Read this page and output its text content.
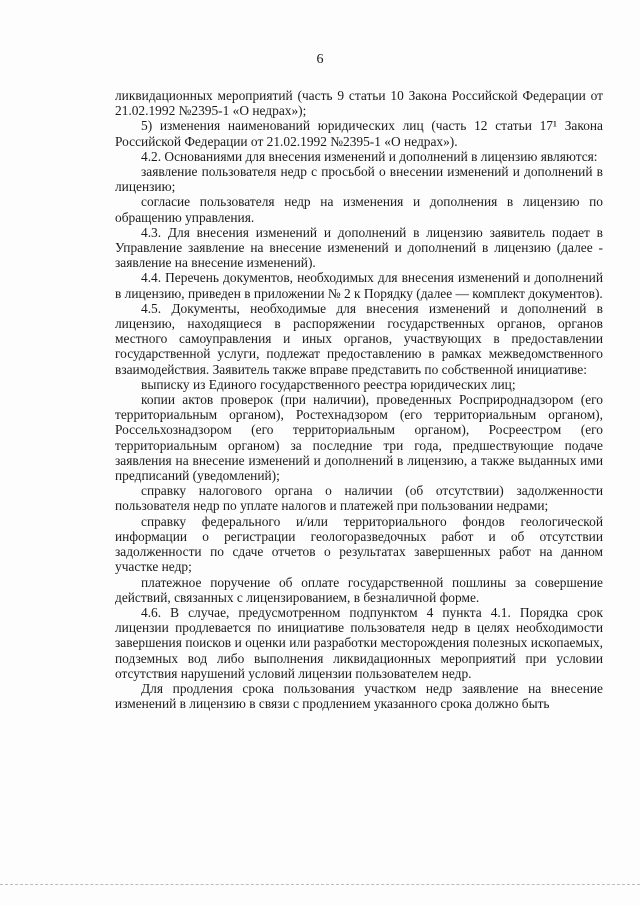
6

ликвидационных мероприятий (часть 9 статьи 10 Закона Российской Федерации от 21.02.1992 №2395-1 «О недрах»);

5) изменения наименований юридических лиц (часть 12 статьи 17¹ Закона Российской Федерации от 21.02.1992 №2395-1 «О недрах»).

4.2. Основаниями для внесения изменений и дополнений в лицензию являются:

заявление пользователя недр с просьбой о внесении изменений и дополнений в лицензию;

согласие пользователя недр на изменения и дополнения в лицензию по обращению управления.

4.3. Для внесения изменений и дополнений в лицензию заявитель подает в Управление заявление на внесение изменений и дополнений в лицензию (далее - заявление на внесение изменений).

4.4. Перечень документов, необходимых для внесения изменений и дополнений в лицензию, приведен в приложении № 2 к Порядку (далее — комплект документов).

4.5. Документы, необходимые для внесения изменений и дополнений в лицензию, находящиеся в распоряжении государственных органов, органов местного самоуправления и иных органов, участвующих в предоставлении государственной услуги, подлежат предоставлению в рамках межведомственного взаимодействия. Заявитель также вправе представить по собственной инициативе:

выписку из Единого государственного реестра юридических лиц;

копии актов проверок (при наличии), проведенных Росприроднадзором (его территориальным органом), Ростехнадзором (его территориальным органом), Россельхознадзором (его территориальным органом), Росреестром (его территориальным органом) за последние три года, предшествующие подаче заявления на внесение изменений и дополнений в лицензию, а также выданных ими предписаний (уведомлений);

справку налогового органа о наличии (об отсутствии) задолженности пользователя недр по уплате налогов и платежей при пользовании недрами;

справку федерального и/или территориального фондов геологической информации о регистрации геологоразведочных работ и об отсутствии задолженности по сдаче отчетов о результатах завершенных работ на данном участке недр;

платежное поручение об оплате государственной пошлины за совершение действий, связанных с лицензированием, в безналичной форме.

4.6. В случае, предусмотренном подпунктом 4 пункта 4.1. Порядка срок лицензии продлевается по инициативе пользователя недр в целях необходимости завершения поисков и оценки или разработки месторождения полезных ископаемых, подземных вод либо выполнения ликвидационных мероприятий при условии отсутствия нарушений условий лицензии пользователем недр.

Для продления срока пользования участком недр заявление на внесение изменений в лицензию в связи с продлением указанного срока должно быть
